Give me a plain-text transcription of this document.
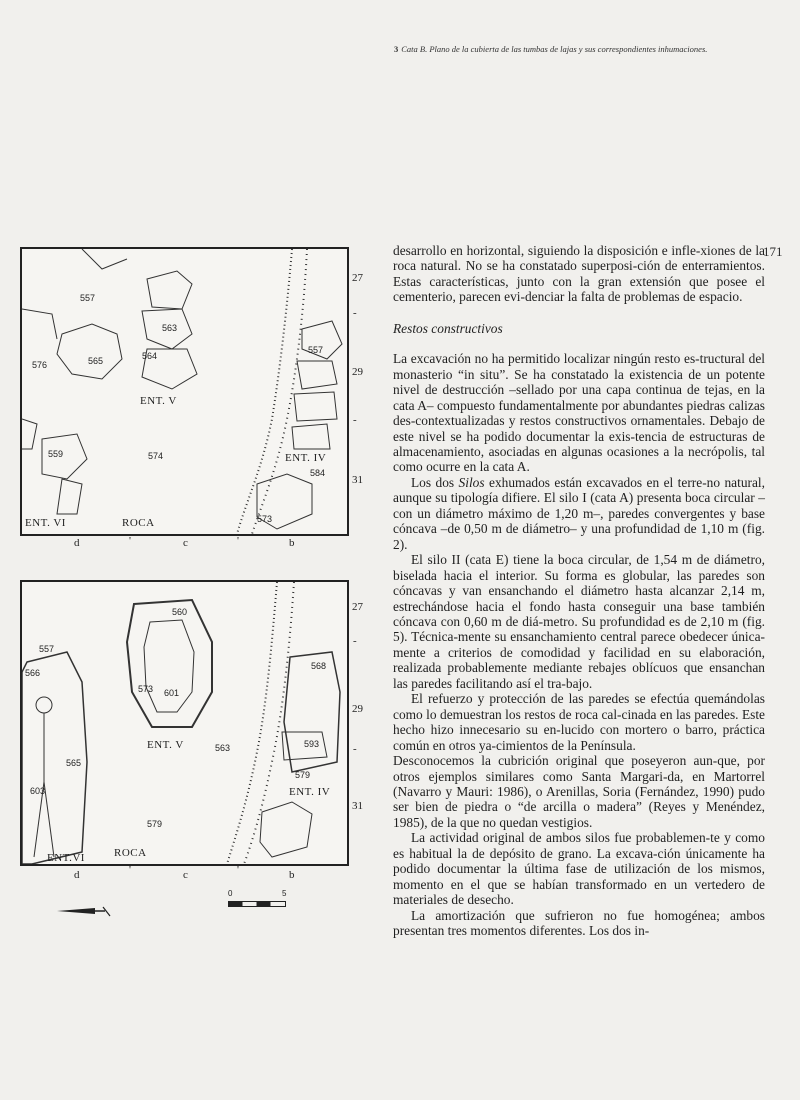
3 Cata B. Plano de la cubierta de las tumbas de lajas y sus correspondientes inhumaciones.
171
557
563
565	564
576
557
559	574
584
573
ENT. V
ENT. IV
ENT. VI	ROCA
27
-
29
-
31
d	'	c	'	b
560
557
566
573 601
568
593
565
563
579
603
579
ENT. V
ENT. IV
ENT.VI	ROCA
27
-
29
-
31
d	'	c	'	b
0	5

desarrollo en horizontal, siguiendo la disposición e infle-xiones de la roca natural. No se ha constatado superposi-ción de enterramientos. Estas características, junto con la gran extensión que posee el cementerio, parecen evi-denciar la falta de problemas de espacio.

Restos constructivos

La excavación no ha permitido localizar ningún resto es-tructural del monasterio “in situ”. Se ha constatado la existencia de un potente nivel de destrucción –sellado por una capa continua de tejas, en la cata A– compuesto fundamentalmente por abundantes piedras calizas des-contextualizadas y restos constructivos ornamentales. Debajo de este nivel se ha podido documentar la exis-tencia de estructuras de almacenamiento, asociadas en algunas ocasiones a la necrópolis, tal como ocurre en la cata A.

Los dos Silos exhumados están excavados en el terre-no natural, aunque su tipología difiere. El silo I (cata A) presenta boca circular –con un diámetro máximo de 1,20 m–, paredes convergentes y base cóncava –de 0,50 m de diámetro– y una profundidad de 1,10 m (fig. 2).

El silo II (cata E) tiene la boca circular, de 1,54 m de diámetro, biselada hacia el interior. Su forma es globular, las paredes son cóncavas y van ensanchando el diámetro hasta alcanzar 2,14 m, estrechándose hacia el fondo hasta conseguir una base también cóncava con 0,60 m de diá-metro. Su profundidad es de 2,10 m (fig. 5). Técnica-mente su ensanchamiento central parece obedecer única-mente a criterios de comodidad y facilidad en su elaboración, realizada probablemente mediante rebajes oblícuos que ensanchan las paredes facilitando así el tra-bajo.

El refuerzo y protección de las paredes se efectúa quemándolas como lo demuestran los restos de roca cal-cinada en las paredes. Este hecho hizo innecesario su en-lucido con mortero o barro, práctica común en otros ya-cimientos de la Península.

Desconocemos la cubrición original que poseyeron aun-que, por otros ejemplos similares como Santa Margari-da, en Martorrel (Navarro y Mauri: 1986), o Arenillas, Soria (Fernández, 1990) pudo ser bien de piedra o “de arcilla o madera” (Reyes y Menéndez, 1985), de la que no quedan vestigios.

La actividad original de ambos silos fue probablemen-te y como es habitual la de depósito de grano. La excava-ción únicamente ha podido documentar la última fase de utilización de los mismos, momento en el que se habían transformado en un vertedero de materiales de desecho.

La amortización que sufrieron no fue homogénea; ambos presentan tres momentos diferentes. Los dos in-
